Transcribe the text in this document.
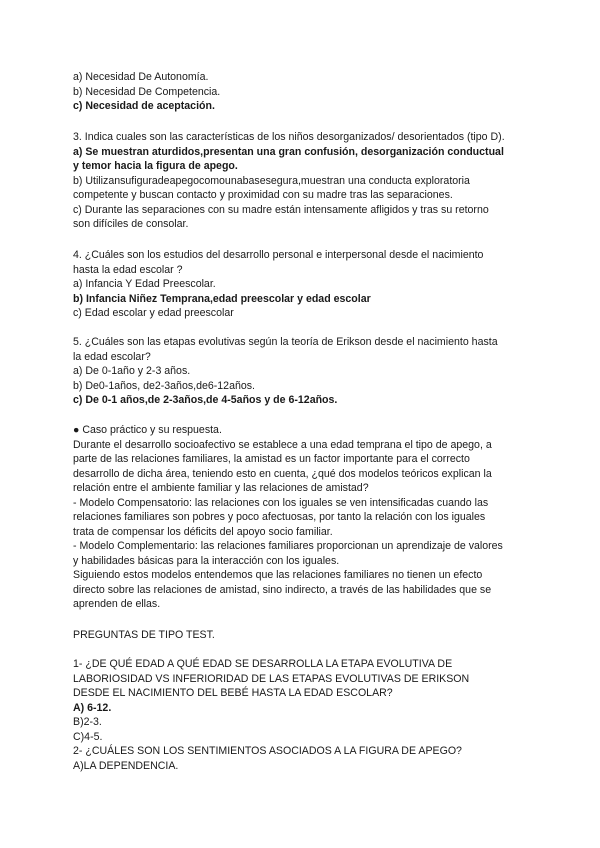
a) Necesidad De Autonomía.
b) Necesidad De Competencia.
c) Necesidad de aceptación.
3. Indica cuales son las características de los niños desorganizados/ desorientados (tipo D).
a) Se muestran aturdidos,presentan una gran confusión, desorganización conductual
y temor hacia la figura de apego.
b) Utilizansufiguradeapegocomounabasesegura,muestran una conducta exploratoria
competente y buscan contacto y proximidad con su madre tras las separaciones.
c) Durante las separaciones con su madre están intensamente afligidos y tras su retorno
son difíciles de consolar.
4. ¿Cuáles son los estudios del desarrollo personal e interpersonal desde el nacimiento
hasta la edad escolar ?
a) Infancia Y Edad Preescolar.
b) Infancia Niñez Temprana,edad preescolar y edad escolar
c) Edad escolar y edad preescolar
5. ¿Cuáles son las etapas evolutivas según la teoría de Erikson desde el nacimiento hasta
la edad escolar?
a) De 0-1año y 2-3 años.
b) De0-1años, de2-3años,de6-12años.
c) De 0-1 años,de 2-3años,de 4-5años y de 6-12años.
● Caso práctico y su respuesta.
Durante el desarrollo socioafectivo se establece a una edad temprana el tipo de apego, a
parte de las relaciones familiares, la amistad es un factor importante para el correcto
desarrollo de dicha área, teniendo esto en cuenta, ¿qué dos modelos teóricos explican la
relación entre el ambiente familiar y las relaciones de amistad?
- Modelo Compensatorio: las relaciones con los iguales se ven intensificadas cuando las
relaciones familiares son pobres y poco afectuosas, por tanto la relación con los iguales
trata de compensar los déficits del apoyo socio familiar.
- Modelo Complementario: las relaciones familiares proporcionan un aprendizaje de valores
y habilidades básicas para la interacción con los iguales.
Siguiendo estos modelos entendemos que las relaciones familiares no tienen un efecto
directo sobre las relaciones de amistad, sino indirecto, a través de las habilidades que se
aprenden de ellas.
PREGUNTAS DE TIPO TEST.
1- ¿DE QUÉ EDAD A QUÉ EDAD SE DESARROLLA LA ETAPA EVOLUTIVA DE
LABORIOSIDAD VS INFERIORIDAD DE LAS ETAPAS EVOLUTIVAS DE ERIKSON
DESDE EL NACIMIENTO DEL BEBÉ HASTA LA EDAD ESCOLAR?
A) 6-12.
B)2-3.
C)4-5.
2- ¿CUÁLES SON LOS SENTIMIENTOS ASOCIADOS A LA FIGURA DE APEGO?
A)LA DEPENDENCIA.
